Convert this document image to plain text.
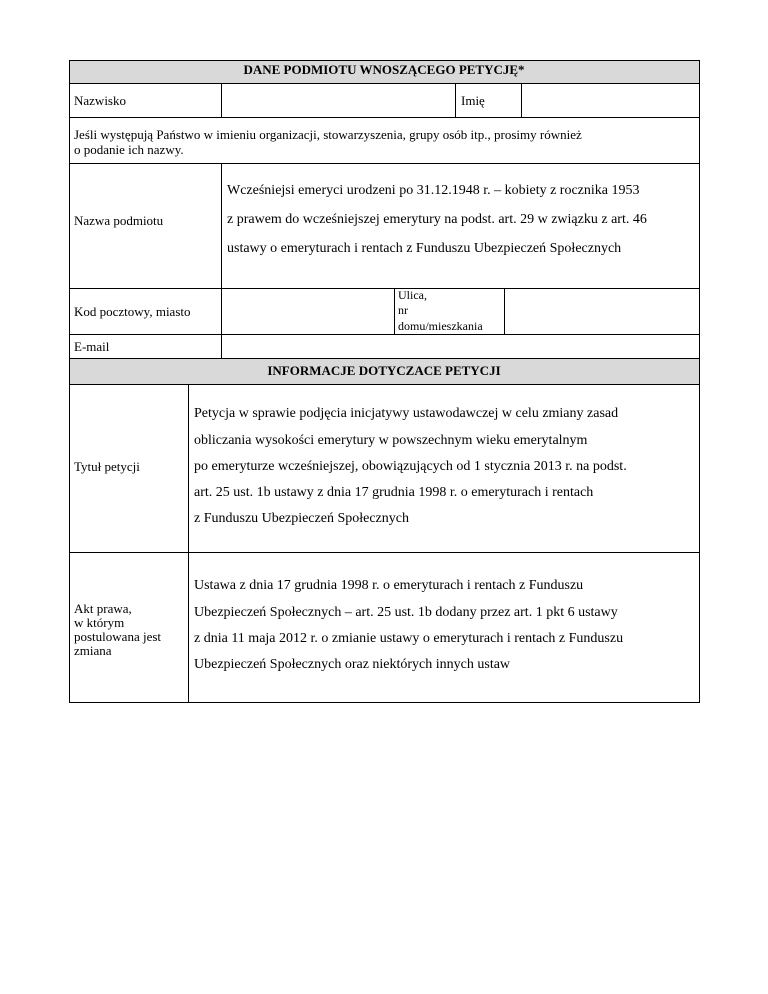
DANE PODMIOTU WNOSZĄCEGO PETYCJĘ*
Nazwisko	Imię
Jeśli występują Państwo w imieniu organizacji, stowarzyszenia, grupy osób itp., prosimy również
o podanie ich nazwy.
Nazwa podmiotu
Wcześniejsi emeryci urodzeni po 31.12.1948 r. – kobiety z rocznika 1953
z prawem do wcześniejszej emerytury na podst. art. 29 w związku z art. 46
ustawy o emeryturach i rentach z Funduszu Ubezpieczeń Społecznych
Kod pocztowy, miasto
Ulica,
nr
domu/mieszkania
E-mail
INFORMACJE DOTYCZACE PETYCJI
Tytuł petycji
Petycja w sprawie podjęcia inicjatywy ustawodawczej w celu zmiany zasad
obliczania wysokości emerytury w powszechnym wieku emerytalnym
po emeryturze wcześniejszej, obowiązujących od 1 stycznia 2013 r. na podst.
art. 25 ust. 1b ustawy z dnia 17 grudnia 1998 r. o emeryturach i rentach
z Funduszu Ubezpieczeń Społecznych
Akt prawa,
w którym
postulowana jest
zmiana
Ustawa z dnia 17 grudnia 1998 r. o emeryturach i rentach z Funduszu
Ubezpieczeń Społecznych – art. 25 ust. 1b dodany przez art. 1 pkt 6 ustawy
z dnia 11 maja 2012 r. o zmianie ustawy o emeryturach i rentach z Funduszu
Ubezpieczeń Społecznych oraz niektórych innych ustaw
